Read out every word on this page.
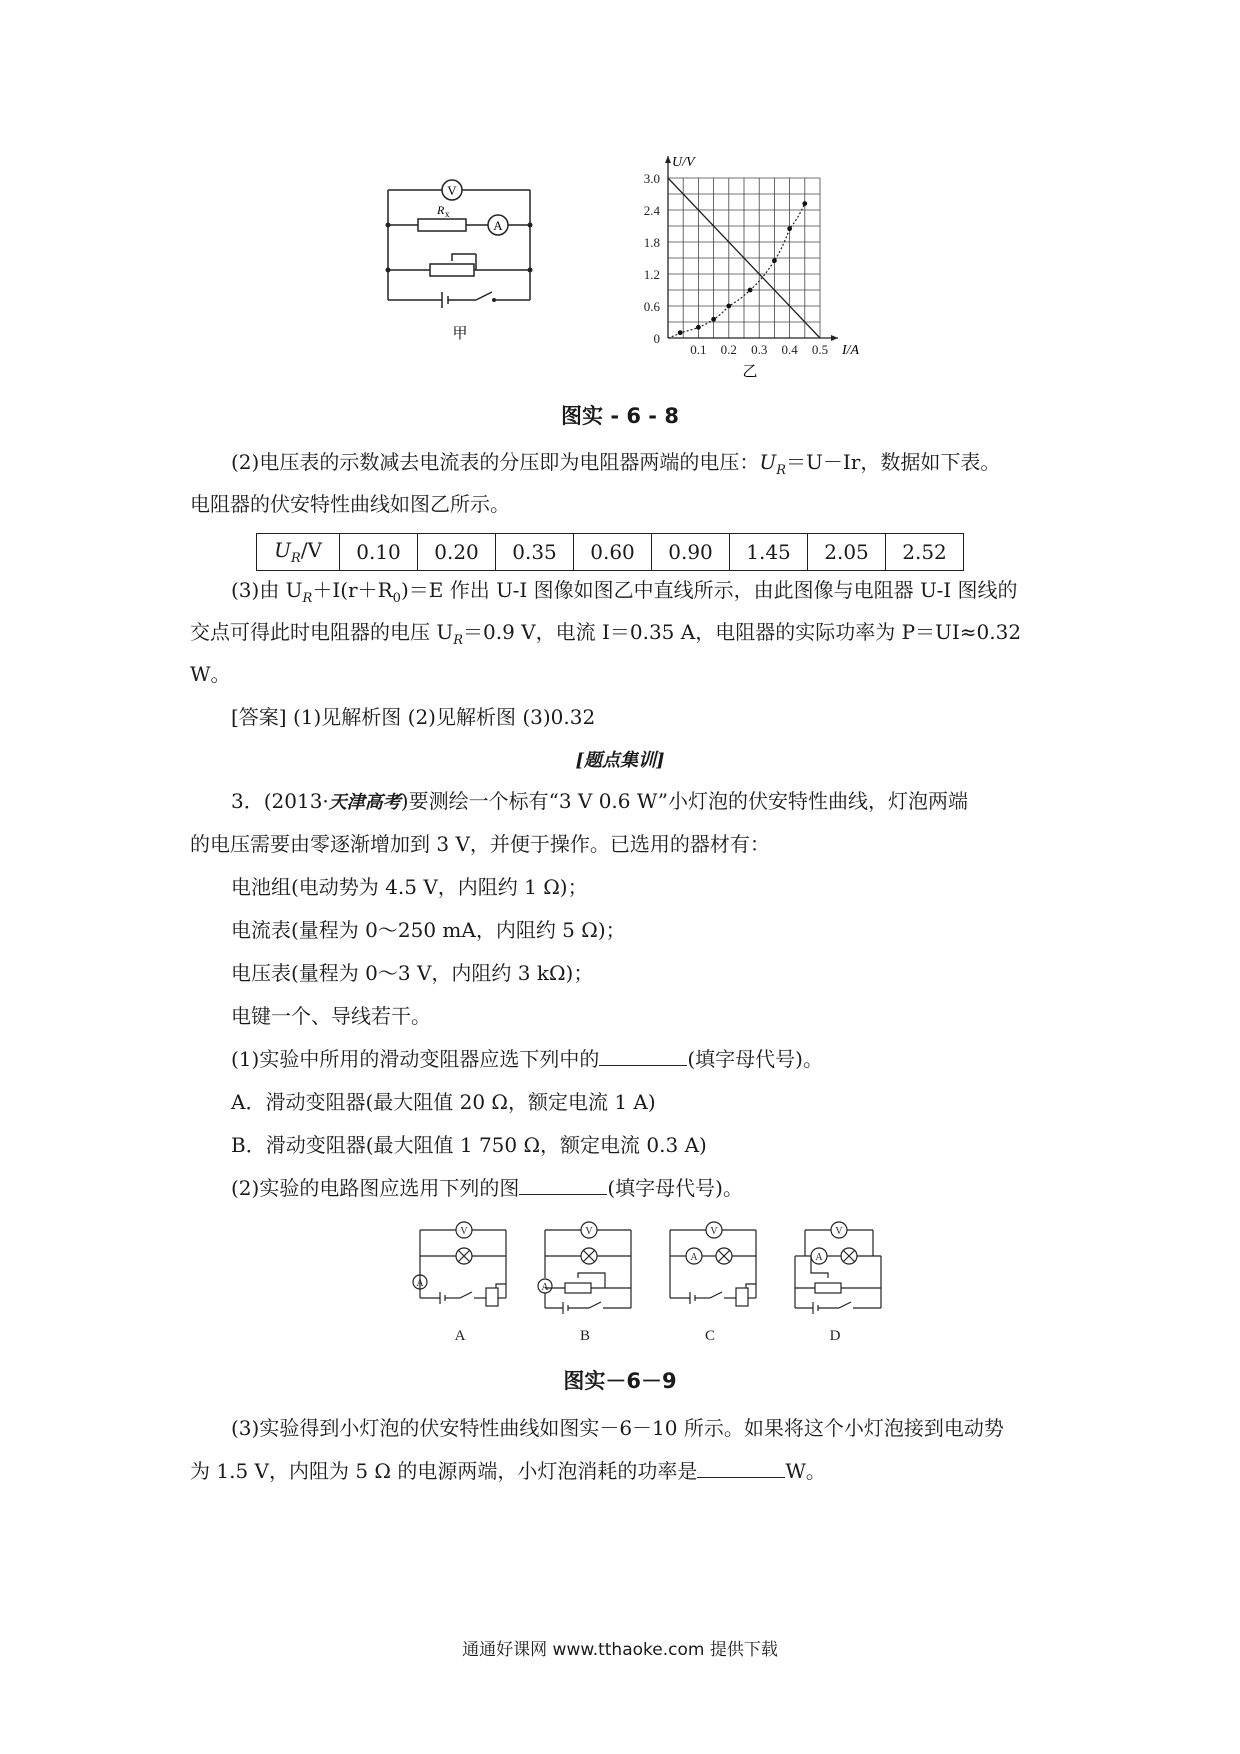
V
A
R x
甲	0
0.6
1.2
1.8
2.4
3.0
0.1 0.2 0.3 0.4 0.5
U/V
I/A
乙
图实 - 6 - 8
(2)电压表的示数减去电流表的分压即为电阻器两端的电压：$U_R=U-Ir$，数据如下表。
电阻器的伏安特性曲线如图乙所示。
$U_R/V$	0.10	0.20	0.35	0.60	0.90	1.45	2.05	2.52
(3)由 $U_R+I(r+R_0)=E$ 作出 U-I 图像如图乙中直线所示，由此图像与电阻器 U-I 图线的
交点可得此时电阻器的电压 $U_R=0.9$ V，电流 I＝0.35 A，电阻器的实际功率为 P＝UI≈0.32
W。
[答案] (1)见解析图 (2)见解析图 (3)0.32
[题点集训]
3．(2013·天津高考)要测绘一个标有“3 V 0.6 W”小灯泡的伏安特性曲线，灯泡两端
的电压需要由零逐渐增加到 3 V，并便于操作。已选用的器材有：
电池组(电动势为 4.5 V，内阻约 1 Ω)；
电流表(量程为 0～250 mA，内阻约 5 Ω)；
电压表(量程为 0～3 V，内阻约 3 kΩ)；
电键一个、导线若干。
(1)实验中所用的滑动变阻器应选下列中的	(填字母代号)。
A．滑动变阻器(最大阻值 20 Ω，额定电流 1 A)
B．滑动变阻器(最大阻值 1 750 Ω，额定电流 0.3 A)
(2)实验的电路图应选用下列的图	(填字母代号)。
V
A
V
A
V
A
V
A
A	B	C	D
图实－6－9
(3)实验得到小灯泡的伏安特性曲线如图实－6－10 所示。如果将这个小灯泡接到电动势
为 1.5 V，内阻为 5 Ω 的电源两端，小灯泡消耗的功率是	W。
通通好课网 www.tthaoke.com 提供下载
